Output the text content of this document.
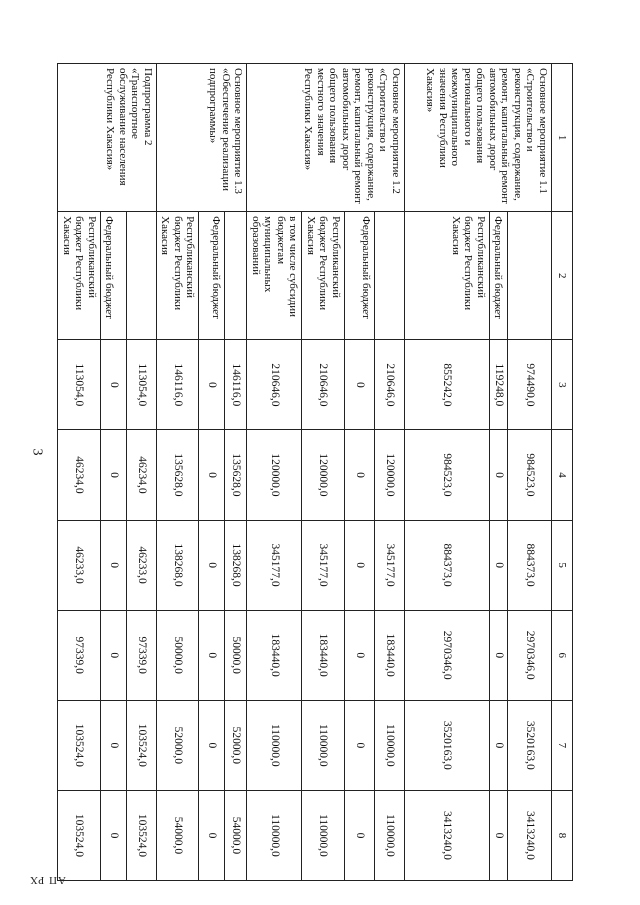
3
АП РХ
1	2	3	4	5	6	7	8
Основное мероприятие 1.1 «Строительство и реконструкция, содержание, ремонт, капитальный ремонт автомобильных дорог общего пользования регионального и межмуниципального значения Республики Хакасия»		974490,0	984523,0	884373,0	2970346,0	3520163,0	3413240,0
	Федеральный бюджет	119248,0	0	0	0	0	0
	Республиканский бюджет Республики Хакасия	855242,0	984523,0	884373,0	2970346,0	3520163,0	3413240,0
Основное мероприятие 1.2 «Строительство и реконструкция, содержание, ремонт, капитальный ремонт автомобильных дорог общего пользования местного значения Республики Хакасия»		210646,0	120000,0	345177,0	183440,0	110000,0	110000,0
	Федеральный бюджет	0	0	0	0	0	0
	Республиканский бюджет Республики Хакасия	210646,0	120000,0	345177,0	183440,0	110000,0	110000,0
	в том числе субсидии бюджетам муниципальных образований	210646,0	120000,0	345177,0	183440,0	110000,0	110000,0
Основное мероприятие 1.3 «Обеспечение реализации подпрограммы»		146116,0	135628,0	138268,0	50000,0	52000,0	54000,0
	Федеральный бюджет	0	0	0	0	0	0
	Республиканский бюджет Республики Хакасия	146116,0	135628,0	138268,0	50000,0	52000,0	54000,0
Подпрограмма 2 «Транспортное обслуживание населения Республики Хакасия»		113054,0	46234,0	46233,0	97339,0	103524,0	103524,0
	Федеральный бюджет	0	0	0	0	0	0
	Республиканский бюджет Республики Хакасия	113054,0	46234,0	46233,0	97339,0	103524,0	103524,0
